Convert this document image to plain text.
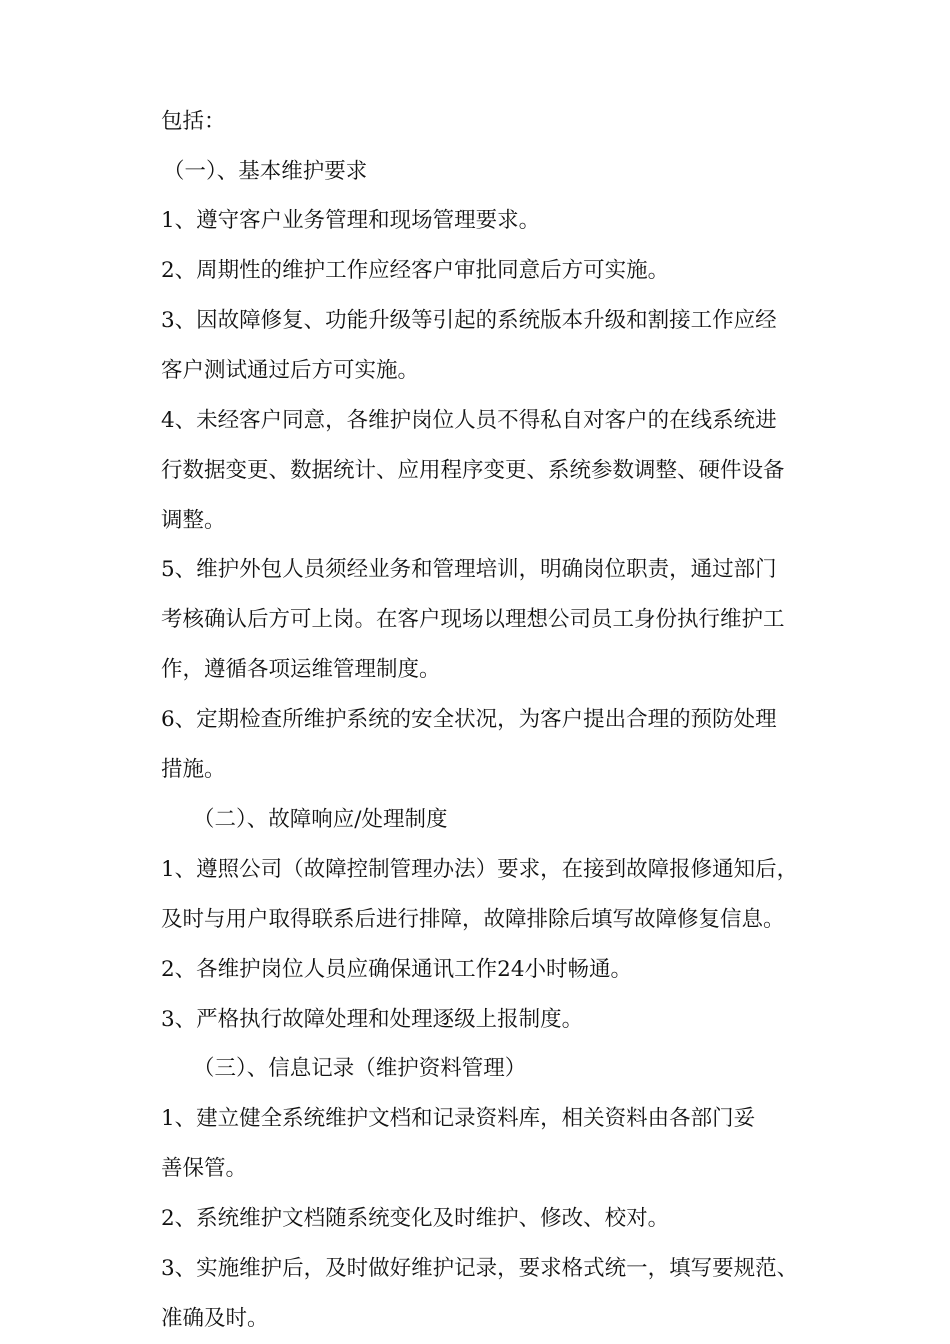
包括：

（一）、基本维护要求

1、遵守客户业务管理和现场管理要求。

2、周期性的维护工作应经客户审批同意后方可实施。

3、因故障修复、功能升级等引起的系统版本升级和割接工作应经

客户测试通过后方可实施。

4、未经客户同意，各维护岗位人员不得私自对客户的在线系统进

行数据变更、数据统计、应用程序变更、系统参数调整、硬件设备

调整。

5、维护外包人员须经业务和管理培训，明确岗位职责，通过部门

考核确认后方可上岗。在客户现场以理想公司员工身份执行维护工

作，遵循各项运维管理制度。

6、定期检查所维护系统的安全状况，为客户提出合理的预防处理

措施。

（二）、故障响应/处理制度

1、遵照公司（故障控制管理办法）要求，在接到故障报修通知后，

及时与用户取得联系后进行排障，故障排除后填写故障修复信息。

2、各维护岗位人员应确保通讯工作24小时畅通。

3、严格执行故障处理和处理逐级上报制度。

（三）、信息记录（维护资料管理）

1、建立健全系统维护文档和记录资料库，相关资料由各部门妥

善保管。

2、系统维护文档随系统变化及时维护、修改、校对。

3、实施维护后，及时做好维护记录，要求格式统一，填写要规范、

准确及时。
